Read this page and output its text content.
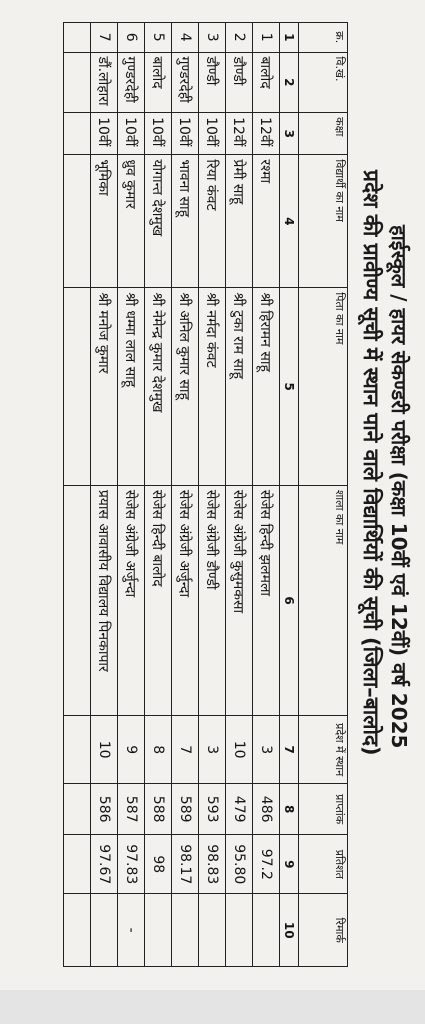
हाईस्कूल / हायर सेकण्डरी परीक्षा (कक्षा 10वीं एवं 12वीं) वर्ष 2025
प्रदेश की प्रावीण्य सूची में स्थान पाने वाले विद्यार्थियों की सूची (जिला–बालोद)
क्र.	वि.खं.	कक्षा	विद्यार्थी का नाम	पिता का नाम	शाला का नाम	प्रदेश में स्थान	प्राप्तांक	प्रतिशत	रिमार्क
1	2	3	4	5	6	7	8	9	10
1	बालोद	12वीं	रश्मा	श्री हिरामन साहू	सेजेस हिन्दी झलमला	3	486	97.2	
2	डौण्डी	12वीं	प्रेमी साहू	श्री टुका राम साहू	सेजेस अंग्रेजी कुसुमकसा	10	479	95.80	
3	डौण्डी	10वीं	रिया कंवट	श्री नर्मदा कंवट	सेजेस अंग्रेजी डौण्डी	3	593	98.83	
4	गुण्डरदेही	10वीं	भावना साहू	श्री अनिल कुमार साहू	सेजेस अंग्रेजी अर्जुन्दा	7	589	98.17	
5	बालोद	10वीं	योगान्त देशमुख	श्री नेमेन्द्र कुमार देशमुख	सेजेस हिन्दी बालोद	8	588	98	
6	गुण्डरदेही	10वीं	ध्रुव कुमार	श्री धम्मा लाल साहू	सेजेस अंग्रेजी अर्जुन्दा	9	587	97.83	-
7	डौं.लोहारा	10वीं	भूमिका	श्री मनोज कुमार	प्रयास आवासीय विद्यालय पिनकापार	10	586	97.67	
